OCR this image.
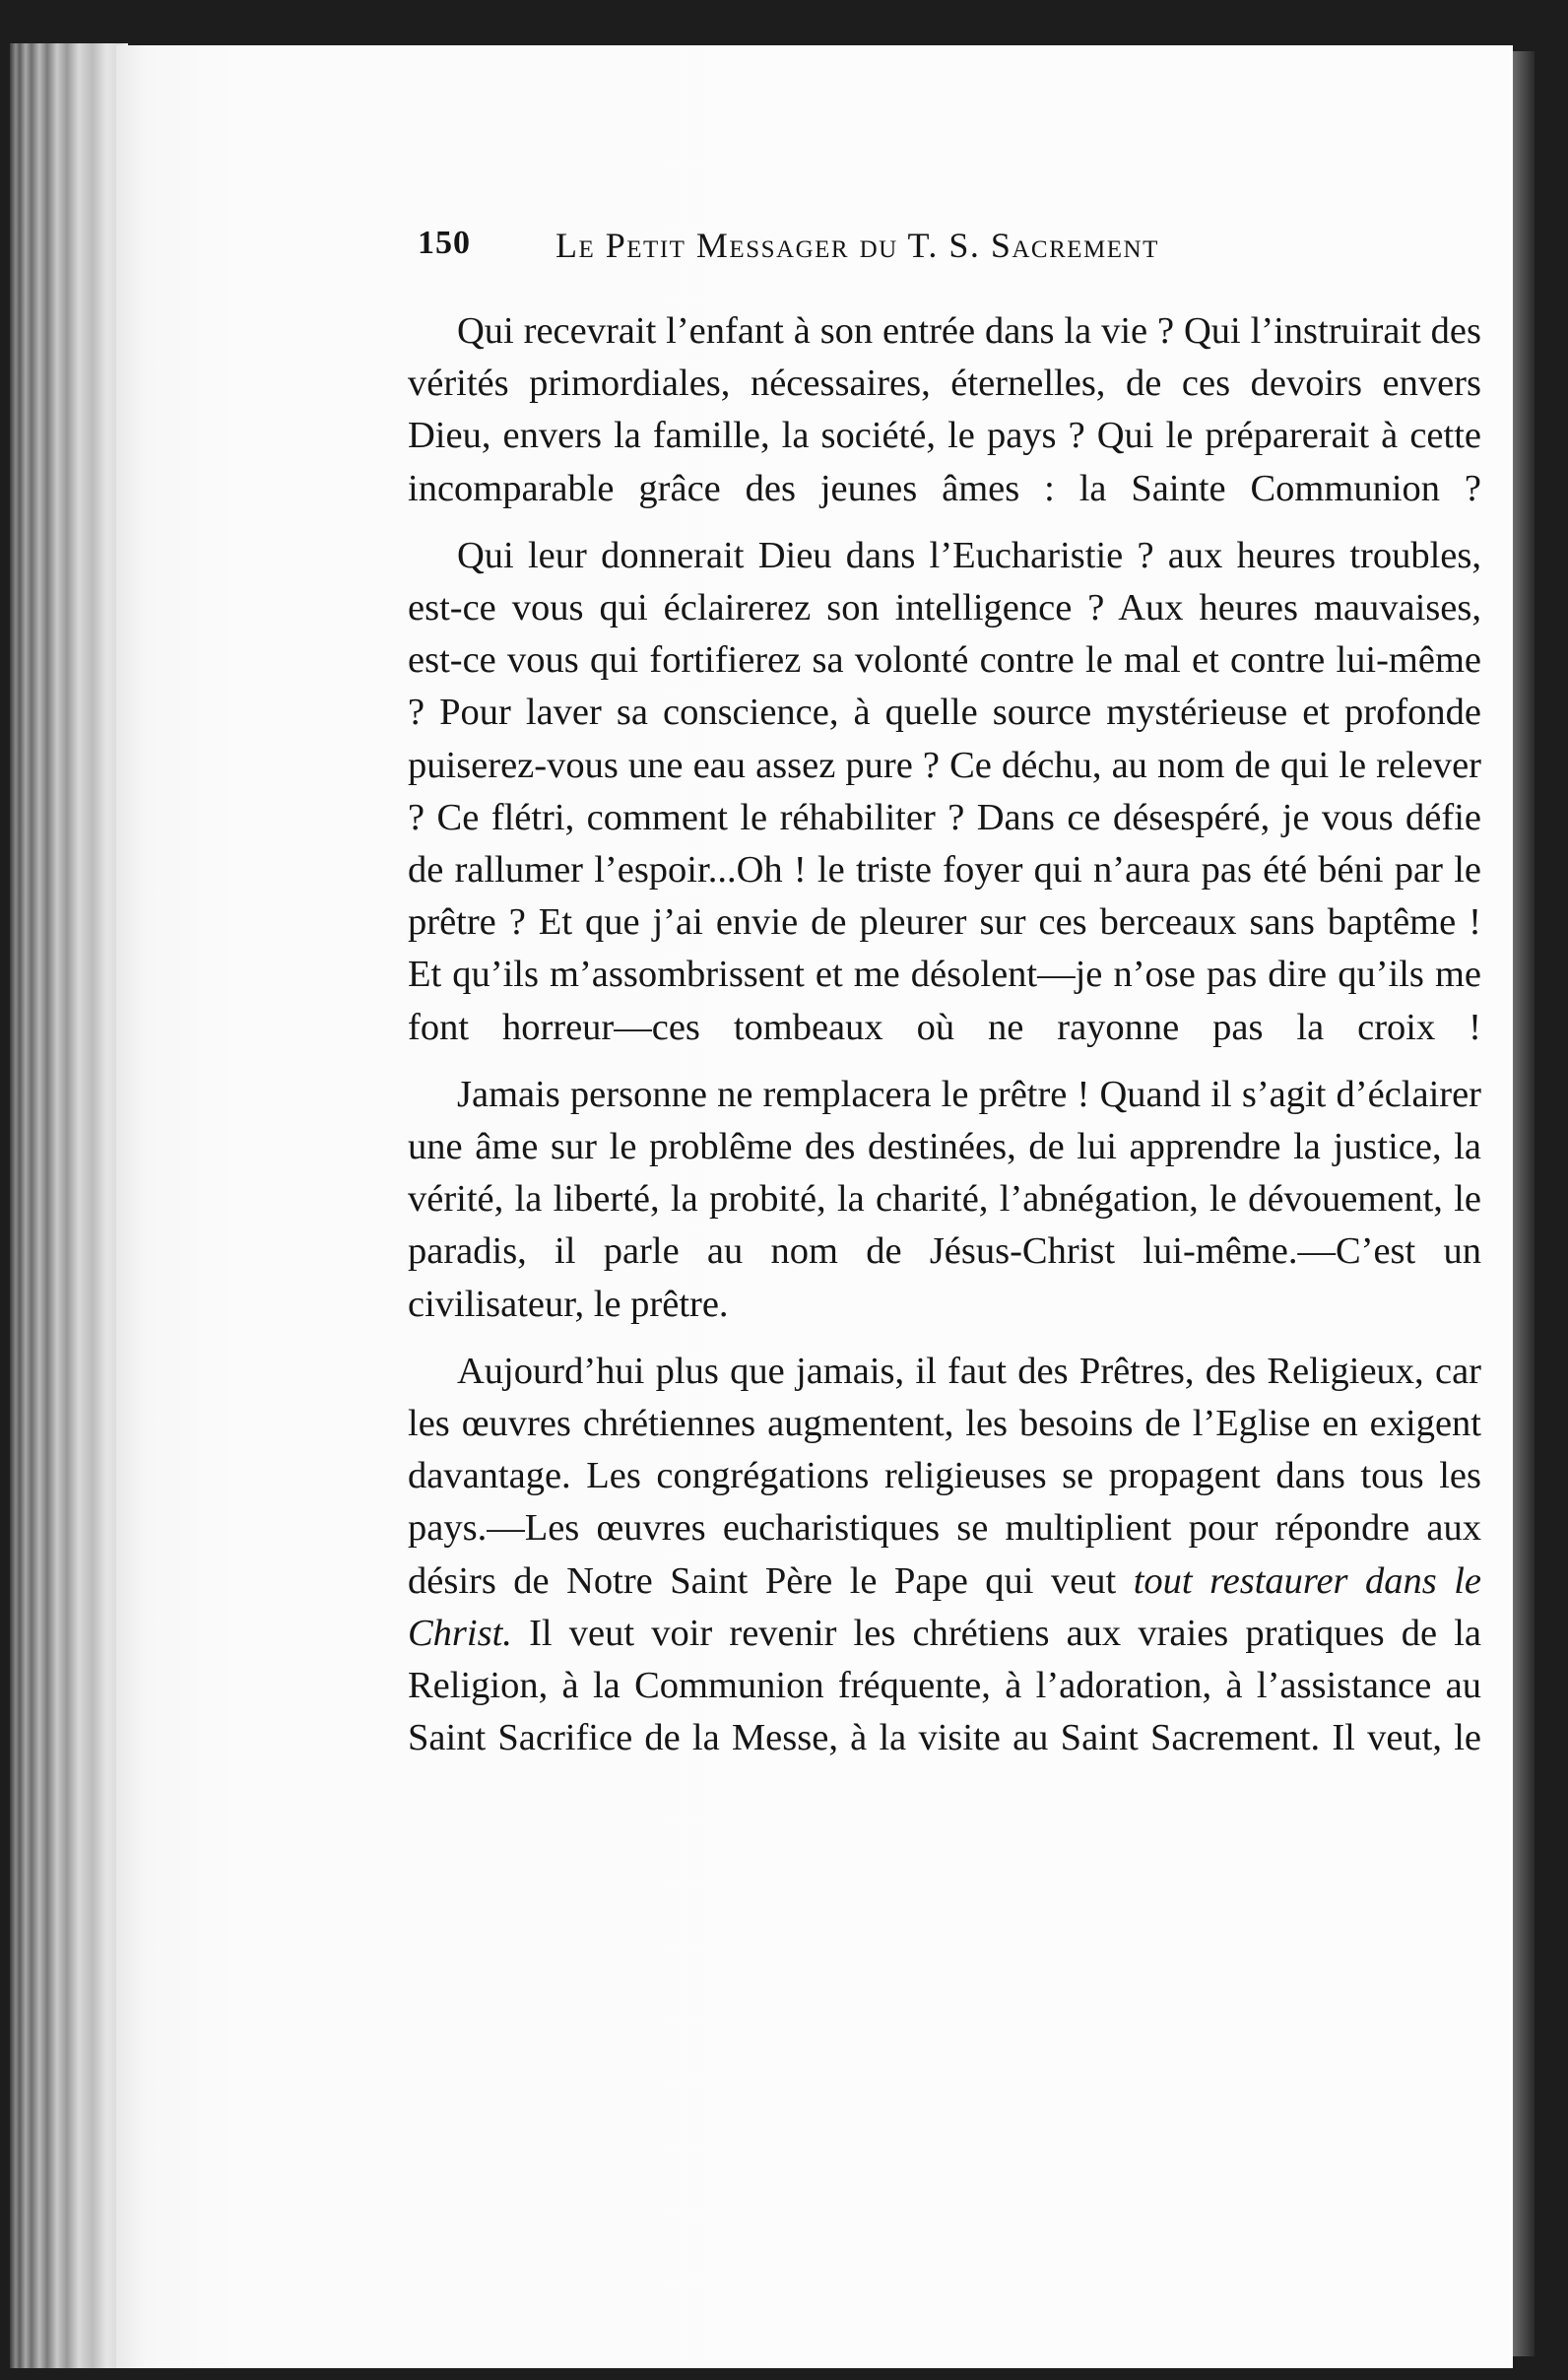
150 Le Petit Messager du T. S. Sacrement

Qui recevrait l’enfant à son entrée dans la vie ? Qui l’instruirait des vérités primordiales, nécessaires, éternelles, de ces devoirs envers Dieu, envers la famille, la société, le pays ? Qui le préparerait à cette incomparable grâce des jeunes âmes : la Sainte Communion ?

Qui leur donnerait Dieu dans l’Eucharistie ? aux heures troubles, est-ce vous qui éclairerez son intelligence ? Aux heures mauvaises, est-ce vous qui fortifierez sa volonté contre le mal et contre lui-même ? Pour laver sa conscience, à quelle source mystérieuse et profonde puiserez-vous une eau assez pure ? Ce déchu, au nom de qui le relever ? Ce flétri, comment le réhabiliter ? Dans ce désespéré, je vous défie de rallumer l’espoir...Oh ! le triste foyer qui n’aura pas été béni par le prêtre ? Et que j’ai envie de pleurer sur ces berceaux sans baptême ! Et qu’ils m’assombrissent et me désolent—je n’ose pas dire qu’ils me font horreur—ces tombeaux où ne rayonne pas la croix !

Jamais personne ne remplacera le prêtre ! Quand il s’agit d’éclairer une âme sur le problême des destinées, de lui apprendre la justice, la vérité, la liberté, la probité, la charité, l’abnégation, le dévouement, le paradis, il parle au nom de Jésus-Christ lui-même.—C’est un civilisateur, le prêtre.

Aujourd’hui plus que jamais, il faut des Prêtres, des Religieux, car les œuvres chrétiennes augmentent, les besoins de l’Eglise en exigent davantage. Les congrégations religieuses se propagent dans tous les pays.—Les œuvres eucharistiques se multiplient pour répondre aux désirs de Notre Saint Père le Pape qui veut tout restaurer dans le Christ. Il veut voir revenir les chrétiens aux vraies pratiques de la Religion, à la Communion fréquente, à l’adoration, à l’assistance au Saint Sacrifice de la Messe, à la visite au Saint Sacrement. Il veut, le
